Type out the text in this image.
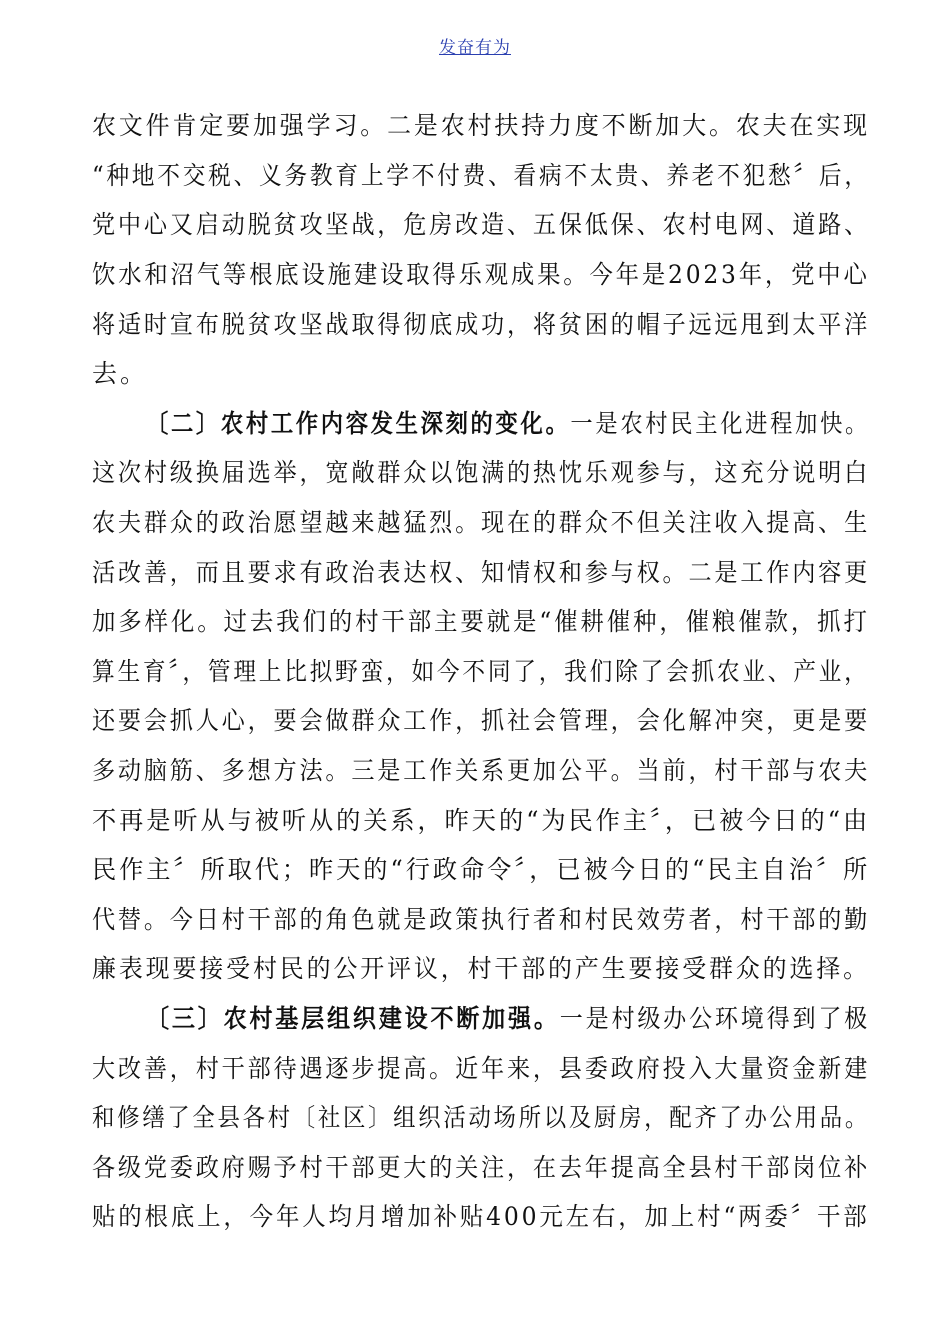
发奋有为
农文件肯定要加强学习。二是农村扶持力度不断加大。农夫在实现
“种地不交税、义务教育上学不付费、看病不太贵、养老不犯愁〞后，
党中心又启动脱贫攻坚战，危房改造、五保低保、农村电网、道路、
饮水和沼气等根底设施建设取得乐观成果。今年是2023年，党中心
将适时宣布脱贫攻坚战取得彻底成功，将贫困的帽子远远甩到太平洋
去。
〔二〕农村工作内容发生深刻的变化。一是农村民主化进程加快。
这次村级换届选举，宽敞群众以饱满的热忱乐观参与，这充分说明白
农夫群众的政治愿望越来越猛烈。现在的群众不但关注收入提高、生
活改善，而且要求有政治表达权、知情权和参与权。二是工作内容更
加多样化。过去我们的村干部主要就是“催耕催种，催粮催款，抓打
算生育〞，管理上比拟野蛮，如今不同了，我们除了会抓农业、产业，
还要会抓人心，要会做群众工作，抓社会管理，会化解冲突，更是要
多动脑筋、多想方法。三是工作关系更加公平。当前，村干部与农夫
不再是听从与被听从的关系，昨天的“为民作主〞，已被今日的“由
民作主〞所取代；昨天的“行政命令〞，已被今日的“民主自治〞所
代替。今日村干部的角色就是政策执行者和村民效劳者，村干部的勤
廉表现要接受村民的公开评议，村干部的产生要接受群众的选择。
〔三〕农村基层组织建设不断加强。一是村级办公环境得到了极
大改善，村干部待遇逐步提高。近年来，县委政府投入大量资金新建
和修缮了全县各村〔社区〕组织活动场所以及厨房，配齐了办公用品。
各级党委政府赐予村干部更大的关注，在去年提高全县村干部岗位补
贴的根底上，今年人均月增加补贴400元左右，加上村“两委〞干部
